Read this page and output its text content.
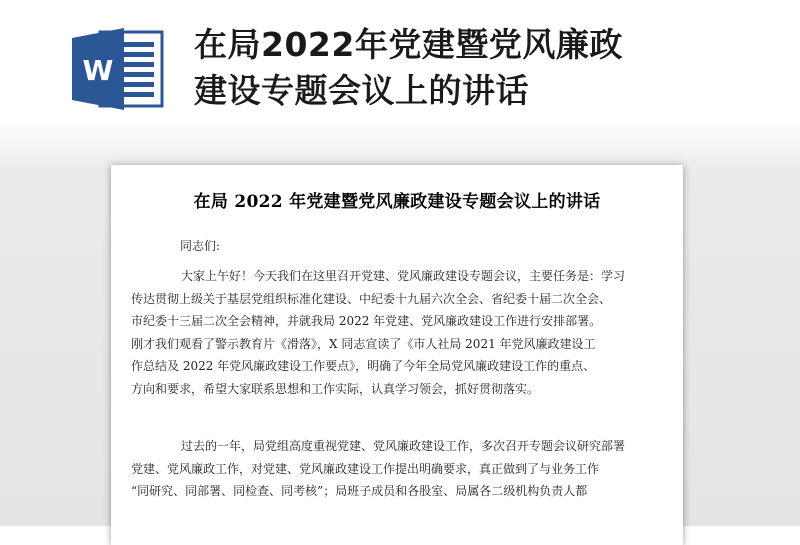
W
在局2022年党建暨党风廉政
建设专题会议上的讲话
在局 2022 年党建暨党风廉政建设专题会议上的讲话
同志们:
大家上午好！今天我们在这里召开党建、党风廉政建设专题会议，主要任务是：学习
传达贯彻上级关于基层党组织标准化建设、中纪委十九届六次全会、省纪委十届二次全会、
市纪委十三届二次全会精神，并就我局 2022 年党建、党风廉政建设工作进行安排部署。
刚才我们观看了警示教育片《滑落》，X 同志宣读了《市人社局 2021 年党风廉政建设工
作总结及 2022 年党风廉政建设工作要点》，明确了今年全局党风廉政建设工作的重点、
方向和要求，希望大家联系思想和工作实际，认真学习领会，抓好贯彻落实。
过去的一年，局党组高度重视党建、党风廉政建设工作，多次召开专题会议研究部署
党建、党风廉政工作，对党建、党风廉政建设工作提出明确要求，真正做到了与业务工作
“同研究、同部署、同检查、同考核”；局班子成员和各股室、局属各二级机构负责人都
